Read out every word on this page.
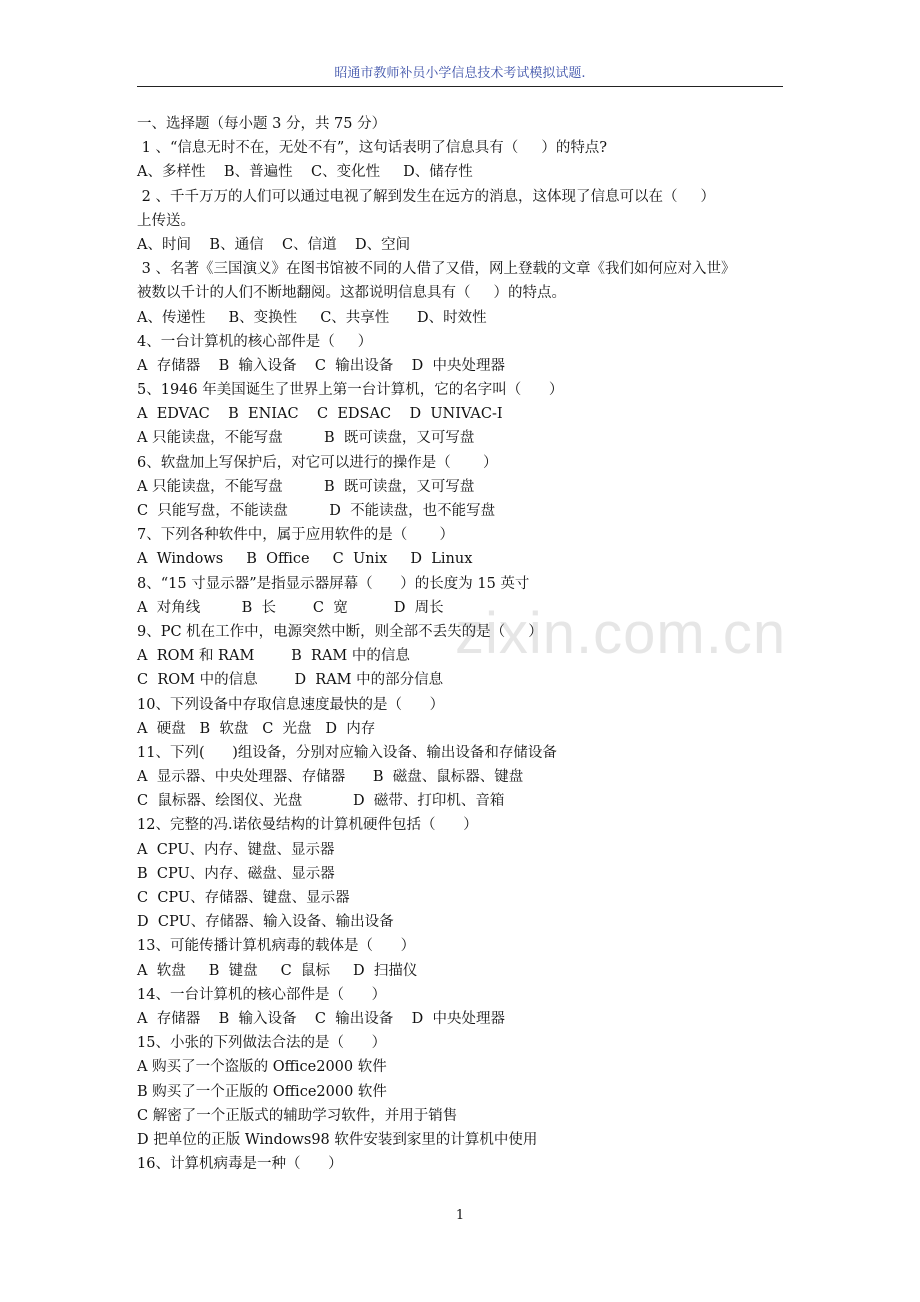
昭通市教师补员小学信息技术考试模拟试题.
zixin.com.cn
一、选择题（每小题 3 分，共 75 分）
1 、“信息无时不在，无处不有”，这句话表明了信息具有（     ）的特点?
A、多样性    B、普遍性    C、变化性     D、储存性
2 、千千万万的人们可以通过电视了解到发生在远方的消息，这体现了信息可以在（     ）
上传送。
A、时间    B、通信    C、信道    D、空间
3 、名著《三国演义》在图书馆被不同的人借了又借，网上登载的文章《我们如何应对入世》
被数以千计的人们不断地翻阅。这都说明信息具有（     ）的特点。
A、传递性     B、变换性     C、共享性      D、时效性
4、一台计算机的核心部件是（     ）
A  存储器    B  输入设备    C  输出设备    D  中央处理器
5、1946 年美国诞生了世界上第一台计算机，它的名字叫（      ）
A  EDVAC    B  ENIAC    C  EDSAC    D  UNIVAC-I
A 只能读盘，不能写盘         B  既可读盘，又可写盘
6、软盘加上写保护后，对它可以进行的操作是（       ）
A 只能读盘，不能写盘         B  既可读盘，又可写盘
C  只能写盘，不能读盘         D  不能读盘，也不能写盘
7、下列各种软件中，属于应用软件的是（       ）
A  Windows     B  Office     C  Unix     D  Linux
8、“15 寸显示器”是指显示器屏幕（      ）的长度为 15 英寸
A  对角线         B  长        C  宽          D  周长
9、PC 机在工作中，电源突然中断，则全部不丢失的是（     ）
A  ROM 和 RAM        B  RAM 中的信息
C  ROM 中的信息        D  RAM 中的部分信息
10、下列设备中存取信息速度最快的是（      ）
A  硬盘   B  软盘   C  光盘   D  内存
11、下列(      )组设备，分别对应输入设备、输出设备和存储设备
A  显示器、中央处理器、存储器      B  磁盘、鼠标器、键盘
C  鼠标器、绘图仪、光盘           D  磁带、打印机、音箱
12、完整的冯.诺依曼结构的计算机硬件包括（      ）
A  CPU、内存、键盘、显示器
B  CPU、内存、磁盘、显示器
C  CPU、存储器、键盘、显示器
D  CPU、存储器、输入设备、输出设备
13、可能传播计算机病毒的载体是（      ）
A  软盘     B  键盘     C  鼠标     D  扫描仪
14、一台计算机的核心部件是（      ）
A  存储器    B  输入设备    C  输出设备    D  中央处理器
15、小张的下列做法合法的是（      ）
A 购买了一个盗版的 Office2000 软件
B 购买了一个正版的 Office2000 软件
C 解密了一个正版式的辅助学习软件，并用于销售
D 把单位的正版 Windows98 软件安装到家里的计算机中使用
16、计算机病毒是一种（      ）
1
